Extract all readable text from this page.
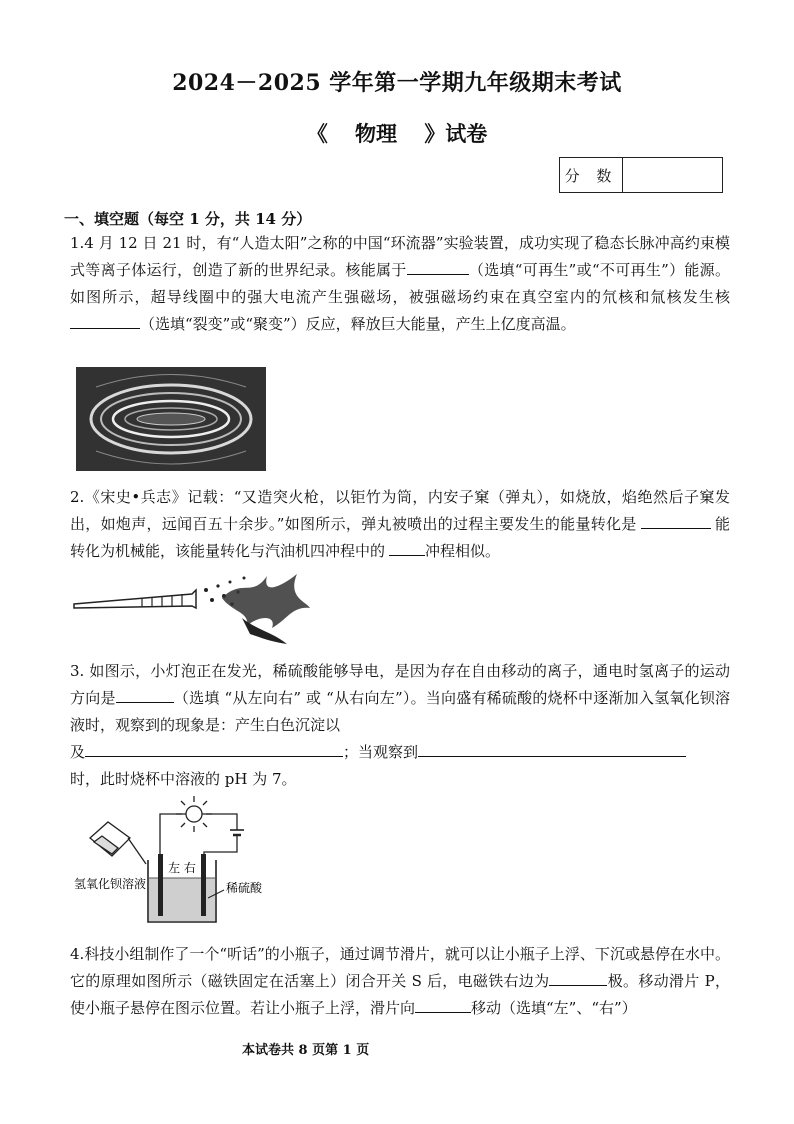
2024－2025 学年第一学期九年级期末考试
《 物理 》试卷
分 数
一、填空题（每空 1 分，共 14 分）
1.4 月 12 日 21 时，有“人造太阳”之称的中国“环流器”实验装置，成功实现了稳态长脉冲高约束模式等离子体运行，创造了新的世界纪录。核能属于	（选填“可再生”或“不可再生”）能源。如图所示，超导线圈中的强大电流产生强磁场，被强磁场约束在真空室内的氘核和氚核发生核（选填“裂变”或“聚变”）反应，释放巨大能量，产生上亿度高温。
2.《宋史•兵志》记载：“又造突火枪，以钜竹为筒，内安子窠（弹丸），如烧放，焰绝然后子窠发出，如炮声，远闻百五十余步。”如图所示，弹丸被喷出的过程主要发生的能量转化是	能转化为机械能，该能量转化与汽油机四冲程中的	冲程相似。
3. 如图示，小灯泡正在发光，稀硫酸能够导电，是因为存在自由移动的离子，通电时氢离子的运动方向是	（选填 “从左向右” 或 “从右向左”）。当向盛有稀硫酸的烧杯中逐渐加入氢氧化钡溶液时，观察到的现象是：产生白色沉淀以
及	；当观察到
时，此时烧杯中溶液的 pH 为 7。
左 右
氢氧化钡溶液	稀硫酸
4.科技小组制作了一个“听话”的小瓶子，通过调节滑片，就可以让小瓶子上浮、下沉或悬停在水中。它的原理如图所示（磁铁固定在活塞上）闭合开关 S 后，电磁铁右边为	极。移动滑片 P，使小瓶子悬停在图示位置。若让小瓶子上浮，滑片向	移动（选填“左”、“右”）
本试卷共 8 页第 1 页
